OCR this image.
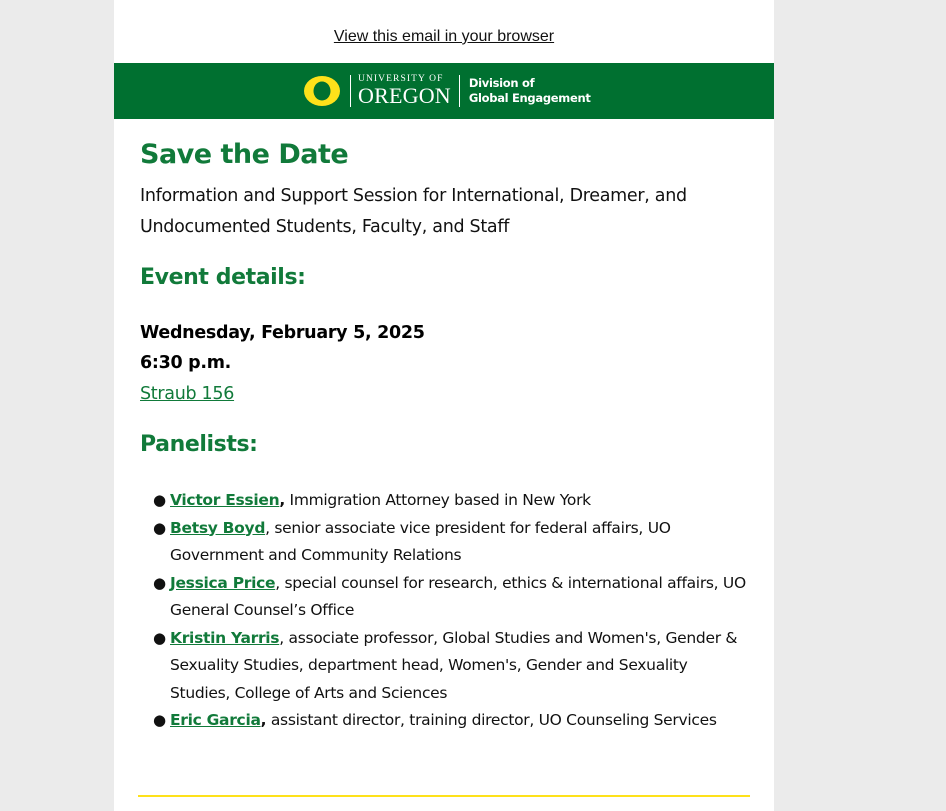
View this email in your browser
UNIVERSITY OF
OREGON
Division of
Global Engagement
Save the Date

Information and Support Session for International, Dreamer, and Undocumented Students, Faculty, and Staff

Event details:
Wednesday, February 5, 2025
6:30 p.m.
Straub 156
Panelists:
● Victor Essien, Immigration Attorney based in New York
● Betsy Boyd, senior associate vice president for federal affairs, UO Government and Community Relations
● Jessica Price, special counsel for research, ethics & international affairs, UO General Counsel’s Office
● Kristin Yarris, associate professor, Global Studies and Women's, Gender & Sexuality Studies, department head, Women's, Gender and Sexuality Studies, College of Arts and Sciences
● Eric Garcia, assistant director, training director, UO Counseling Services
